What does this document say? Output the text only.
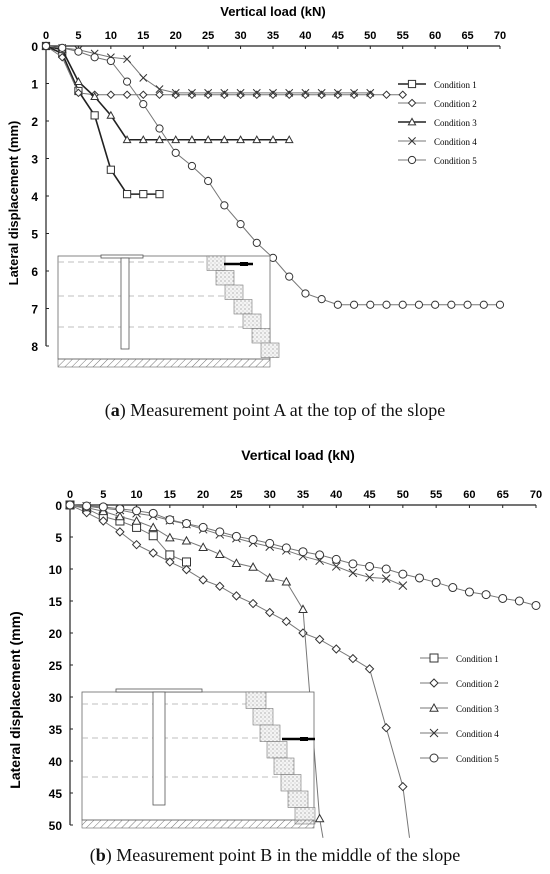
Vertical load (kN)
0 5 10 15 20 25 30 35 40 45 50 55 60 65 70
0
1
2
3
4
5
6
7
8
Lateral displacement (mm)
Condition 1
Condition 2
Condition 3
Condition 4
Condition 5
(a) Measurement point A at the top of the slope
Vertical load (kN)
0 5 10 15 20 25 30 35 40 45 50 55 60 65 70
0
5
10
15
20
25
30
35
40
45
50
Lateral displacement (mm)	Condition 1
Condition 2
Condition 3
Condition 4
Condition 5
(b) Measurement point B in the middle of the slope
